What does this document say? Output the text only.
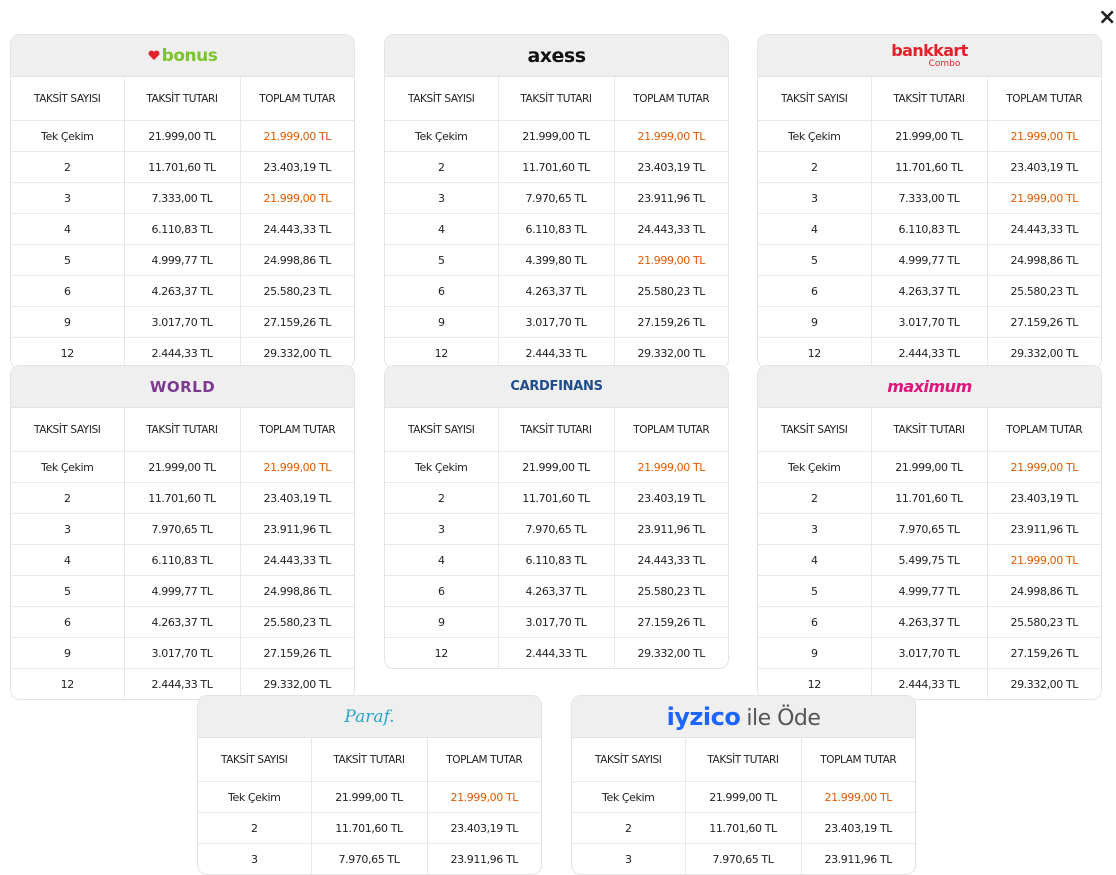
×
bonus
TAKSİT SAYISI	TAKSİT TUTARI	TOPLAM TUTAR
Tek Çekim	21.999,00 TL	21.999,00 TL
2	11.701,60 TL	23.403,19 TL
3	7.333,00 TL	21.999,00 TL
4	6.110,83 TL	24.443,33 TL
5	4.999,77 TL	24.998,86 TL
6	4.263,37 TL	25.580,23 TL
9	3.017,70 TL	27.159,26 TL
12	2.444,33 TL	29.332,00 TL
axess
TAKSİT SAYISI	TAKSİT TUTARI	TOPLAM TUTAR
Tek Çekim	21.999,00 TL	21.999,00 TL
2	11.701,60 TL	23.403,19 TL
3	7.970,65 TL	23.911,96 TL
4	6.110,83 TL	24.443,33 TL
5	4.399,80 TL	21.999,00 TL
6	4.263,37 TL	25.580,23 TL
9	3.017,70 TL	27.159,26 TL
12	2.444,33 TL	29.332,00 TL
bankkart
Combo
TAKSİT SAYISI	TAKSİT TUTARI	TOPLAM TUTAR
Tek Çekim	21.999,00 TL	21.999,00 TL
2	11.701,60 TL	23.403,19 TL
3	7.333,00 TL	21.999,00 TL
4	6.110,83 TL	24.443,33 TL
5	4.999,77 TL	24.998,86 TL
6	4.263,37 TL	25.580,23 TL
9	3.017,70 TL	27.159,26 TL
12	2.444,33 TL	29.332,00 TL
WORLD
TAKSİT SAYISI	TAKSİT TUTARI	TOPLAM TUTAR
Tek Çekim	21.999,00 TL	21.999,00 TL
2	11.701,60 TL	23.403,19 TL
3	7.970,65 TL	23.911,96 TL
4	6.110,83 TL	24.443,33 TL
5	4.999,77 TL	24.998,86 TL
6	4.263,37 TL	25.580,23 TL
9	3.017,70 TL	27.159,26 TL
12	2.444,33 TL	29.332,00 TL
CARDFINANS
TAKSİT SAYISI	TAKSİT TUTARI	TOPLAM TUTAR
Tek Çekim	21.999,00 TL	21.999,00 TL
2	11.701,60 TL	23.403,19 TL
3	7.970,65 TL	23.911,96 TL
4	6.110,83 TL	24.443,33 TL
6	4.263,37 TL	25.580,23 TL
9	3.017,70 TL	27.159,26 TL
12	2.444,33 TL	29.332,00 TL
maximum
TAKSİT SAYISI	TAKSİT TUTARI	TOPLAM TUTAR
Tek Çekim	21.999,00 TL	21.999,00 TL
2	11.701,60 TL	23.403,19 TL
3	7.970,65 TL	23.911,96 TL
4	5.499,75 TL	21.999,00 TL
5	4.999,77 TL	24.998,86 TL
6	4.263,37 TL	25.580,23 TL
9	3.017,70 TL	27.159,26 TL
12	2.444,33 TL	29.332,00 TL
Paraf.
TAKSİT SAYISI	TAKSİT TUTARI	TOPLAM TUTAR
Tek Çekim	21.999,00 TL	21.999,00 TL
2	11.701,60 TL	23.403,19 TL
3	7.970,65 TL	23.911,96 TL
iyzico ile Öde
TAKSİT SAYISI	TAKSİT TUTARI	TOPLAM TUTAR
Tek Çekim	21.999,00 TL	21.999,00 TL
2	11.701,60 TL	23.403,19 TL
3	7.970,65 TL	23.911,96 TL
